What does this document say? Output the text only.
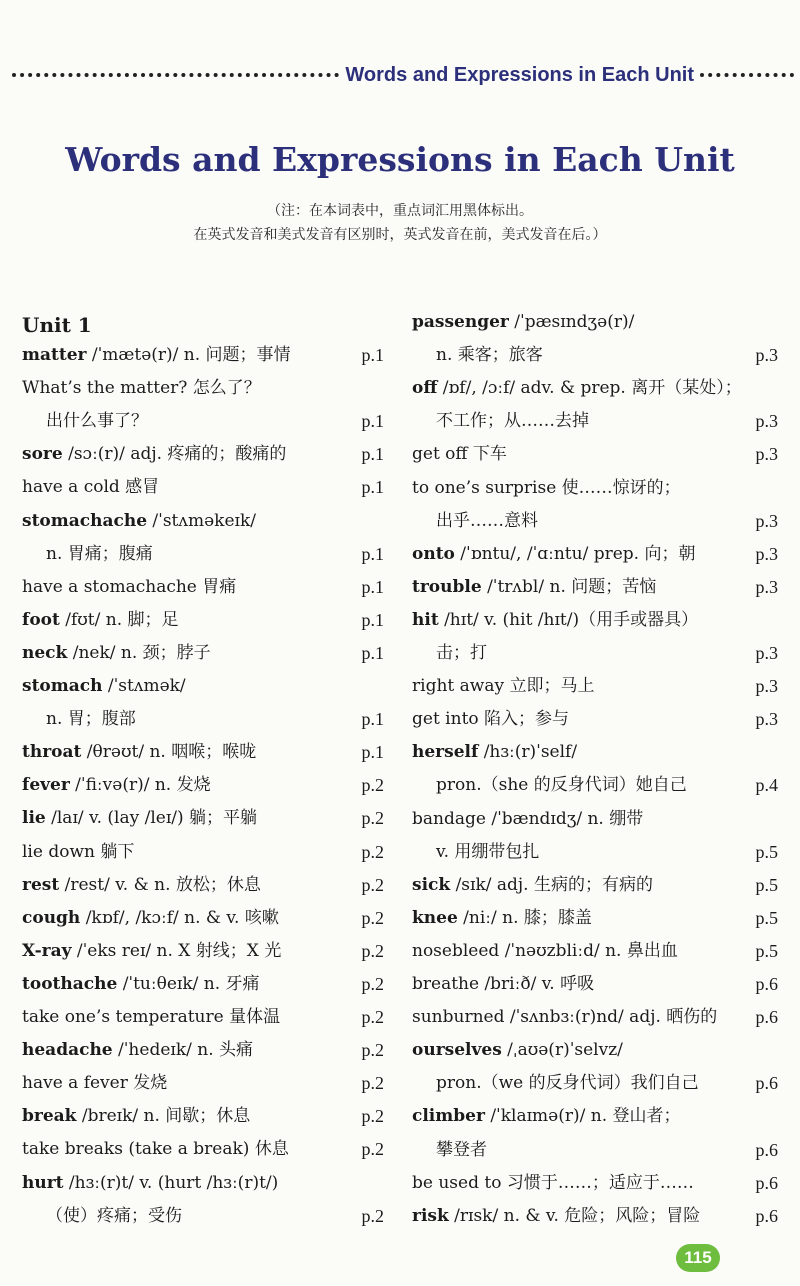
Words and Expressions in Each Unit
Words and Expressions in Each Unit
（注：在本词表中，重点词汇用黑体标出。
在英式发音和美式发音有区别时，英式发音在前，美式发音在后。）
Unit 1
matter /ˈmætə(r)/ n. 问题；事情	p.1
What’s the matter? 怎么了？
出什么事了？	p.1
sore /sɔː(r)/ adj. 疼痛的；酸痛的	p.1
have a cold 感冒	p.1
stomachache /ˈstʌməkeɪk/
n. 胃痛；腹痛	p.1
have a stomachache 胃痛	p.1
foot /fʊt/ n. 脚；足	p.1
neck /nek/ n. 颈；脖子	p.1
stomach /ˈstʌmək/
n. 胃；腹部	p.1
throat /θrəʊt/ n. 咽喉；喉咙	p.1
fever /ˈfiːvə(r)/ n. 发烧	p.2
lie /laɪ/ v. (lay /leɪ/) 躺；平躺	p.2
lie down 躺下	p.2
rest /rest/ v. & n. 放松；休息	p.2
cough /kɒf/, /kɔːf/ n. & v. 咳嗽	p.2
X-ray /ˈeks reɪ/ n. X 射线；X 光	p.2
toothache /ˈtuːθeɪk/ n. 牙痛	p.2
take one’s temperature 量体温	p.2
headache /ˈhedeɪk/ n. 头痛	p.2
have a fever 发烧	p.2
break /breɪk/ n. 间歇；休息	p.2
take breaks (take a break) 休息	p.2
hurt /hɜː(r)t/ v. (hurt /hɜː(r)t/)
（使）疼痛；受伤	p.2
passenger /ˈpæsɪndʒə(r)/
n. 乘客；旅客	p.3
off /ɒf/, /ɔːf/ adv. & prep. 离开（某处）；
不工作；从……去掉	p.3
get off 下车	p.3
to one’s surprise 使……惊讶的；
出乎……意料	p.3
onto /ˈɒntu/, /ˈɑːntu/ prep. 向；朝	p.3
trouble /ˈtrʌbl/ n. 问题；苦恼	p.3
hit /hɪt/ v. (hit /hɪt/)（用手或器具）
击；打	p.3
right away 立即；马上	p.3
get into 陷入；参与	p.3
herself /hɜː(r)ˈself/
pron.（she 的反身代词）她自己	p.4
bandage /ˈbændɪdʒ/ n. 绷带
v. 用绷带包扎	p.5
sick /sɪk/ adj. 生病的；有病的	p.5
knee /niː/ n. 膝；膝盖	p.5
nosebleed /ˈnəʊzbliːd/ n. 鼻出血	p.5
breathe /briːð/ v. 呼吸	p.6
sunburned /ˈsʌnbɜː(r)nd/ adj. 晒伤的 p.6
ourselves /ˌaʊə(r)ˈselvz/
pron.（we 的反身代词）我们自己	p.6
climber /ˈklaɪmə(r)/ n. 登山者；
攀登者	p.6
be used to 习惯于……；适应于……	p.6
risk /rɪsk/ n. & v. 危险；风险；冒险	p.6
115
